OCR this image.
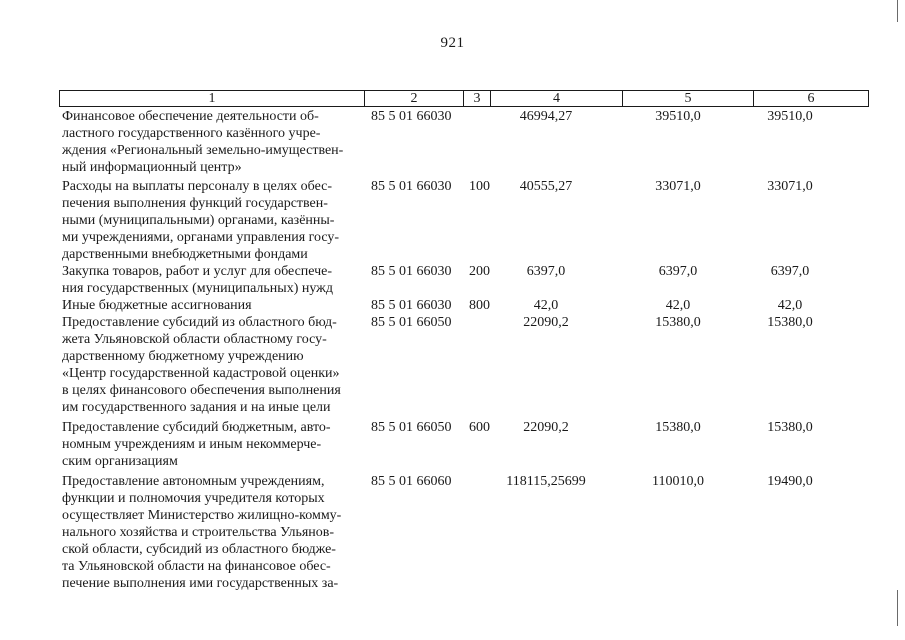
921
1	2	3	4	5	6
Финансовое обеспечение деятельности об-
ластного государственного казённого учре-
ждения «Региональный земельно-имуществен-
ный информационный центр»
85 5 01 66030	46994,27	39510,0	39510,0
Расходы на выплаты персоналу в целях обес-
печения выполнения функций государствен-
ными (муниципальными) органами, казённы-
ми учреждениями, органами управления госу-
дарственными внебюджетными фондами
85 5 01 66030 100	40555,27	33071,0	33071,0
Закупка товаров, работ и услуг для обеспече-
ния государственных (муниципальных) нужд
85 5 01 66030 200	6397,0	6397,0	6397,0
Иные бюджетные ассигнования	85 5 01 66030 800	42,0	42,0	42,0
Предоставление субсидий из областного бюд-
жета Ульяновской области областному госу-
дарственному бюджетному учреждению
«Центр государственной кадастровой оценки»
в целях финансового обеспечения выполнения
им государственного задания и на иные цели
85 5 01 66050	22090,2	15380,0	15380,0
Предоставление субсидий бюджетным, авто-
номным учреждениям и иным некоммерче-
ским организациям
85 5 01 66050 600	22090,2	15380,0	15380,0
Предоставление автономным учреждениям,
функции и полномочия учредителя которых
осуществляет Министерство жилищно-комму-
нального хозяйства и строительства Ульянов-
ской области, субсидий из областного бюдже-
та Ульяновской области на финансовое обес-
печение выполнения ими государственных за-
85 5 01 66060	118115,25699	110010,0	19490,0
